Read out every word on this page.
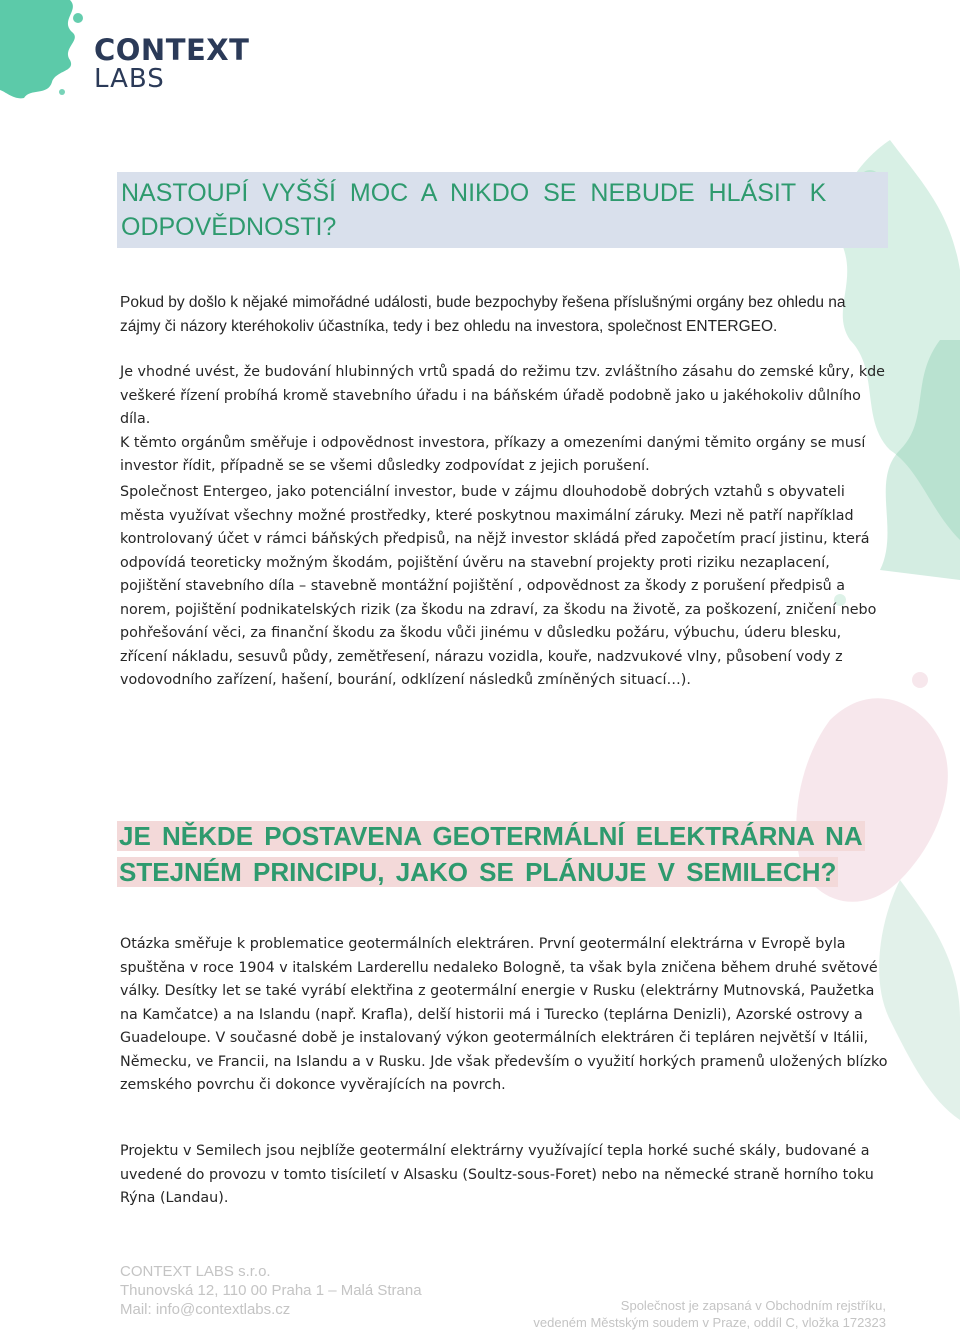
CONTEXT
LABS
NASTOUPÍ VYŠŠÍ MOC A NIKDO SE NEBUDE HLÁSIT K
ODPOVĚDNOSTI?
Pokud by došlo k nějaké mimořádné události, bude bezpochyby řešena příslušnými orgány bez ohledu na zájmy či názory kteréhokoliv účastníka, tedy i bez ohledu na investora, společnost ENTERGEO.
Je vhodné uvést, že budování hlubinných vrtů spadá do režimu tzv. zvláštního zásahu do zemské kůry, kde veškeré řízení probíhá kromě stavebního úřadu i na báňském úřadě podobně jako u jakéhokoliv důlního díla.
K těmto orgánům směřuje i odpovědnost investora, příkazy a omezeními danými těmito orgány se musí investor řídit, případně se se všemi důsledky zodpovídat z jejich porušení.
Společnost Entergeo, jako potenciální investor, bude v zájmu dlouhodobě dobrých vztahů s obyvateli města využívat všechny možné prostředky, které poskytnou maximální záruky. Mezi ně patří například kontrolovaný účet v rámci báňských předpisů, na nějž investor skládá před započetím prací jistinu, která odpovídá teoreticky možným škodám, pojištění úvěru na stavební projekty proti riziku nezaplacení, pojištění stavebního díla – stavebně montážní pojištění , odpovědnost za škody z porušení předpisů a norem, pojištění podnikatelských rizik (za škodu na zdraví, za škodu na životě, za poškození, zničení nebo pohřešování věci, za finanční škodu za škodu vůči jinému v důsledku požáru, výbuchu, úderu blesku, zřícení nákladu, sesuvů půdy, zemětřesení, nárazu vozidla, kouře, nadzvukové vlny, působení vody z vodovodního zařízení, hašení, bourání, odklízení následků zmíněných situací…).
JE NĚKDE POSTAVENA GEOTERMÁLNÍ ELEKTRÁRNA NA
STEJNÉM PRINCIPU, JAKO SE PLÁNUJE V SEMILECH?
Otázka směřuje k problematice geotermálních elektráren. První geotermální elektrárna v Evropě byla spuštěna v roce 1904 v italském Larderellu nedaleko Bologně, ta však byla zničena během druhé světové války. Desítky let se také vyrábí elektřina z geotermální energie v Rusku (elektrárny Mutnovská, Paužetka na Kamčatce) a na Islandu (např. Krafla), delší historii má i Turecko (teplárna Denizli), Azorské ostrovy a Guadeloupe. V současné době je instalovaný výkon geotermálních elektráren či tepláren největší v Itálii, Německu, ve Francii, na Islandu a v Rusku. Jde však především o využití horkých pramenů uložených blízko zemského povrchu či dokonce vyvěrajících na povrch.
Projektu v Semilech jsou nejblíže geotermální elektrárny využívající tepla horké suché skály, budované a uvedené do provozu v tomto tisíciletí v Alsasku (Soultz-sous-Foret) nebo na německé straně horního toku Rýna (Landau).
CONTEXT LABS s.r.o.
Thunovská 12, 110 00 Praha 1 – Malá Strana
Mail: info@contextlabs.cz	Společnost je zapsaná v Obchodním rejstříku,
vedeném Městským soudem v Praze, oddíl C, vložka 172323
